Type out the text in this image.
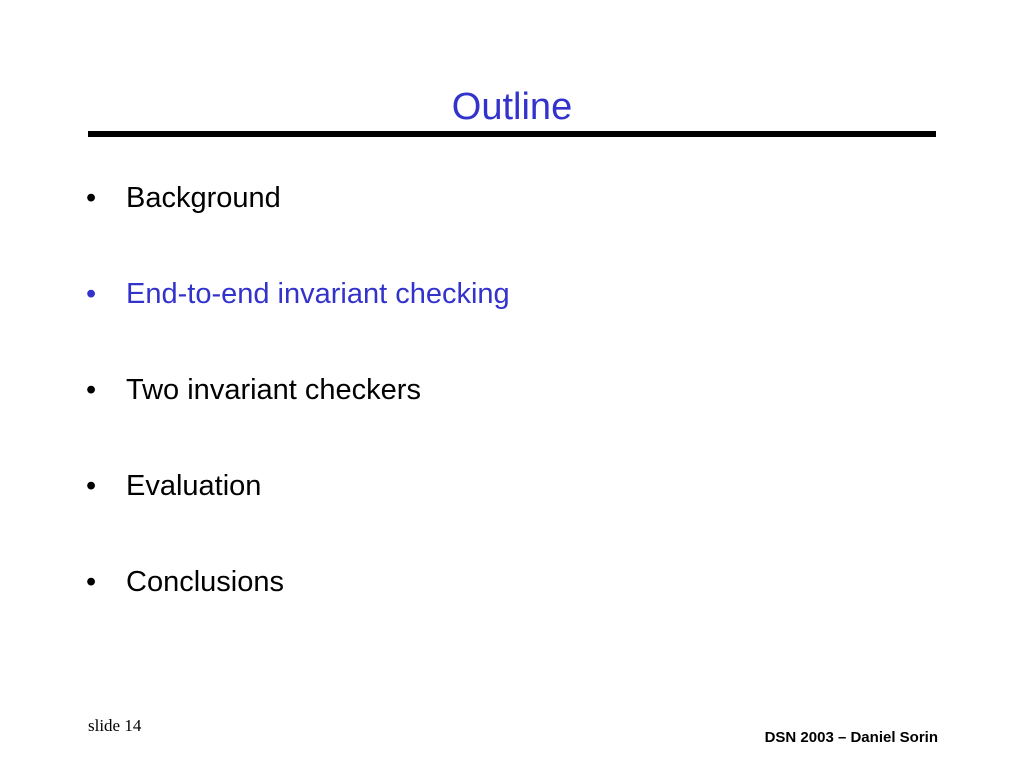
Outline
• Background
• End-to-end invariant checking
• Two invariant checkers
• Evaluation
• Conclusions
slide 14
DSN 2003 – Daniel Sorin
